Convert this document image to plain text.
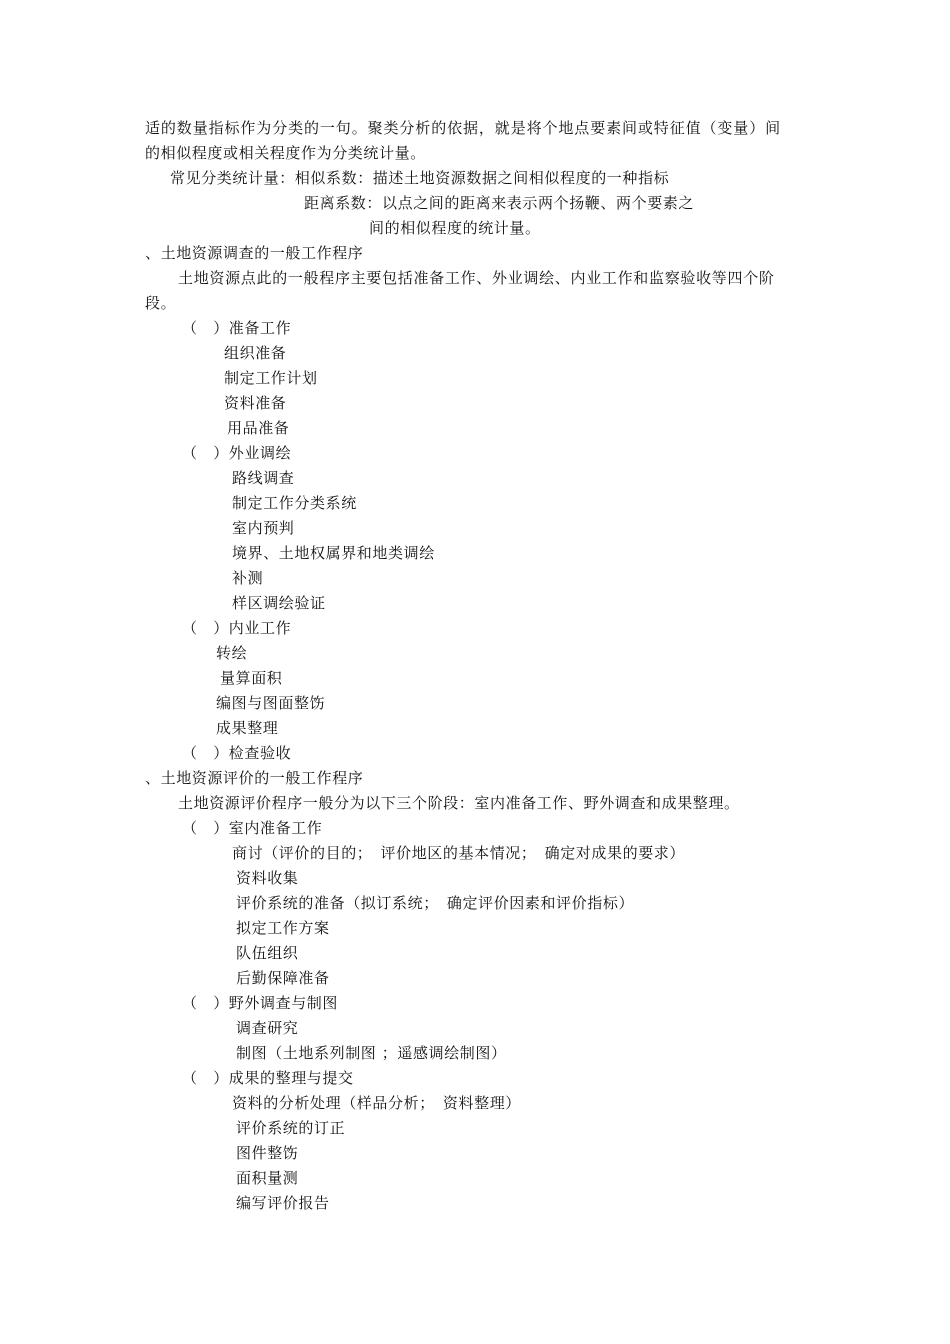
适的数量指标作为分类的一句。聚类分析的依据，就是将个地点要素间或特征值（变量）间
的相似程度或相关程度作为分类统计量。
常见分类统计量：相似系数：描述土地资源数据之间相似程度的一种指标
距离系数：以点之间的距离来表示两个扬鞭、两个要素之
间的相似程度的统计量。
、土地资源调查的一般工作程序
土地资源点此的一般程序主要包括准备工作、外业调绘、内业工作和监察验收等四个阶
段。
（　）准备工作
组织准备
制定工作计划
资料准备
用品准备
（　）外业调绘
路线调查
制定工作分类系统
室内预判
境界、土地权属界和地类调绘
补测
样区调绘验证
（　）内业工作
转绘
量算面积
编图与图面整饬
成果整理
（　）检查验收
、土地资源评价的一般工作程序
土地资源评价程序一般分为以下三个阶段：室内准备工作、野外调查和成果整理。
（　）室内准备工作
商讨（评价的目的；　评价地区的基本情况；　确定对成果的要求）
资料收集
评价系统的准备（拟订系统；　确定评价因素和评价指标）
拟定工作方案
队伍组织
后勤保障准备
（　）野外调查与制图
调查研究
制图（土地系列制图 ；遥感调绘制图）
（　）成果的整理与提交
资料的分析处理（样品分析；　资料整理）
评价系统的订正
图件整饬
面积量测
编写评价报告
